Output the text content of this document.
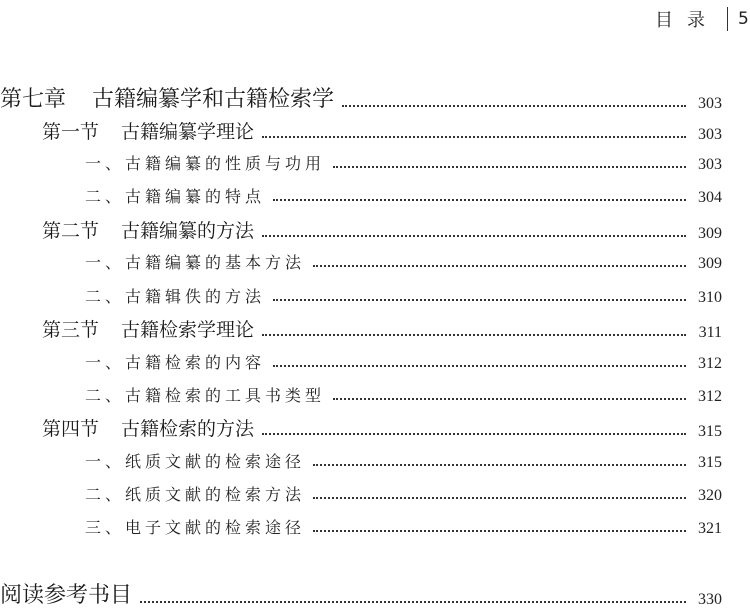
目录 5
第七章 古籍编纂学和古籍检索学	303
第一节 古籍编纂学理论	303
一、古籍编纂的性质与功用	303
二、古籍编纂的特点	304
第二节 古籍编纂的方法	309
一、古籍编纂的基本方法	309
二、古籍辑佚的方法	310
第三节 古籍检索学理论	311
一、古籍检索的内容	312
二、古籍检索的工具书类型	312
第四节 古籍检索的方法	315
一、纸质文献的检索途径	315
二、纸质文献的检索方法	320
三、电子文献的检索途径	321
阅读参考书目	330
